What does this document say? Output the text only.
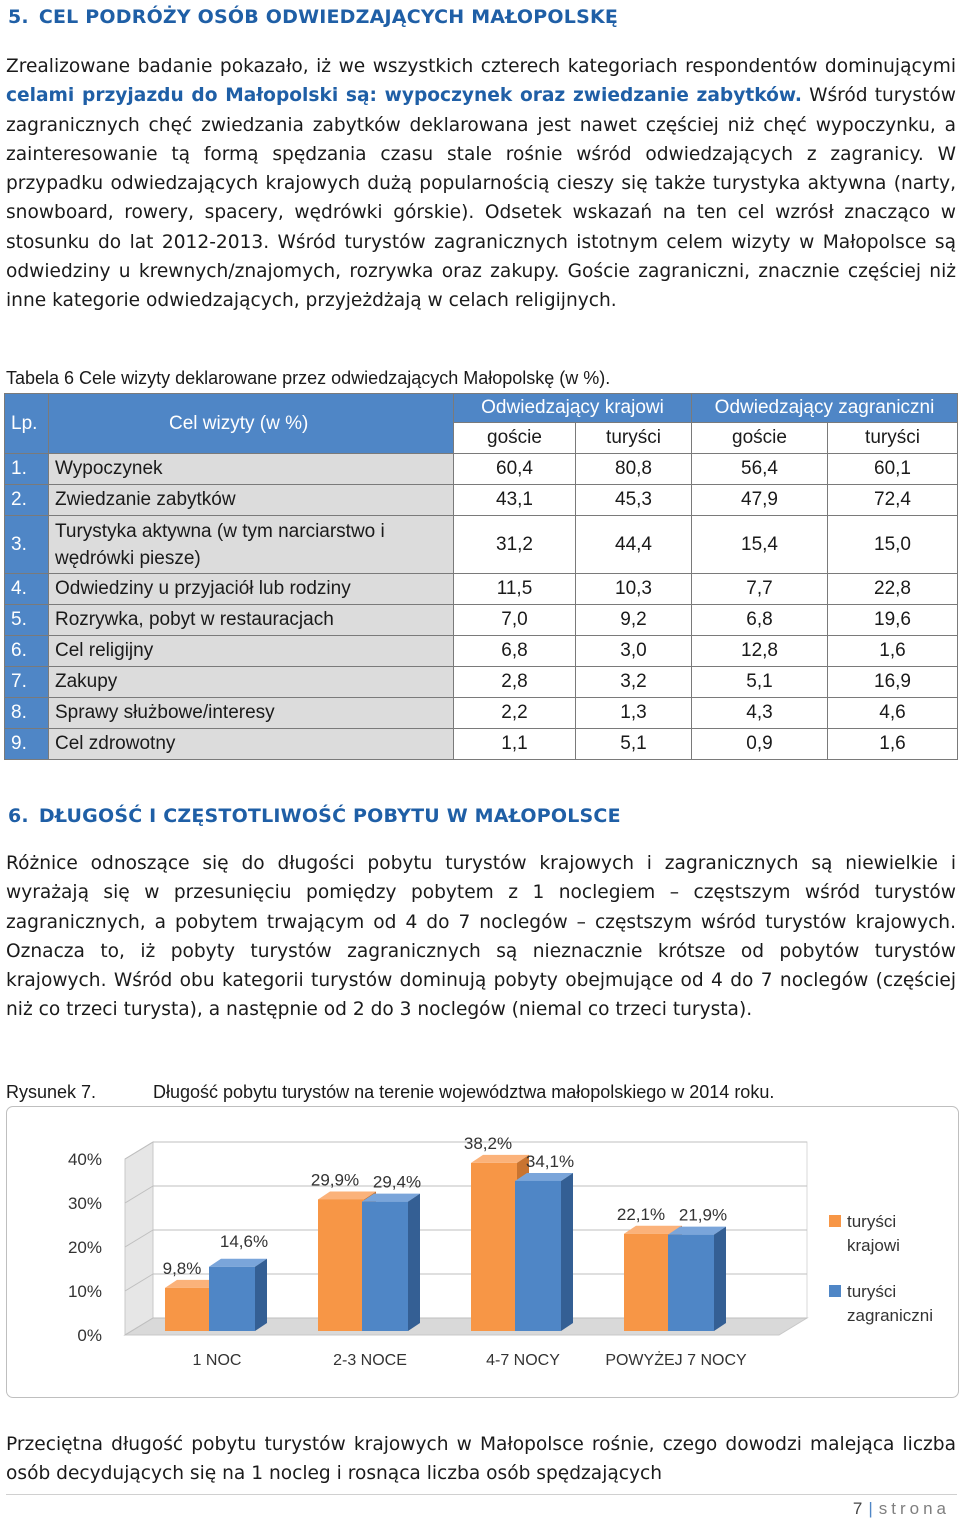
5. CEL PODRÓŻY OSÓB ODWIEDZAJĄCYCH MAŁOPOLSKĘ

Zrealizowane badanie pokazało, iż we wszystkich czterech kategoriach respondentów dominującymi celami przyjazdu do Małopolski są: wypoczynek oraz zwiedzanie zabytków. Wśród turystów zagranicznych chęć zwiedzania zabytków deklarowana jest nawet częściej niż chęć wypoczynku, a zainteresowanie tą formą spędzania czasu stale rośnie wśród odwiedzających z zagranicy. W przypadku odwiedzających krajowych dużą popularnością cieszy się także turystyka aktywna (narty, snowboard, rowery, spacery, wędrówki górskie). Odsetek wskazań na ten cel wzrósł znacząco w stosunku do lat 2012-2013. Wśród turystów zagranicznych istotnym celem wizyty w Małopolsce są odwiedziny u krewnych/znajomych, rozrywka oraz zakupy. Goście zagraniczni, znacznie częściej niż inne kategorie odwiedzających, przyjeżdżają w celach religijnych.

Tabela 6 Cele wizyty deklarowane przez odwiedzających Małopolskę (w %).

Lp.	Cel wizyty (w %)	Odwiedzający krajowi		Odwiedzający zagraniczni	
		goście	turyści	goście	turyści
1.	Wypoczynek	60,4	80,8	56,4	60,1
2.	Zwiedzanie zabytków	43,1	45,3	47,9	72,4
3.	Turystyka aktywna (w tym narciarstwo i wędrówki piesze)	31,2	44,4	15,4	15,0
4.	Odwiedziny u przyjaciół lub rodziny	11,5	10,3	7,7	22,8
5.	Rozrywka, pobyt w restauracjach	7,0	9,2	6,8	19,6
6.	Cel religijny	6,8	3,0	12,8	1,6
7.	Zakupy	2,8	3,2	5,1	16,9
8.	Sprawy służbowe/interesy	2,2	1,3	4,3	4,6
9.	Cel zdrowotny	1,1	5,1	0,9	1,6
6. DŁUGOŚĆ I CZĘSTOTLIWOŚĆ POBYTU W MAŁOPOLSCE

Różnice odnoszące się do długości pobytu turystów krajowych i zagranicznych są niewielkie i wyrażają się w przesunięciu pomiędzy pobytem z 1 noclegiem – częstszym wśród turystów zagranicznych, a pobytem trwającym od 4 do 7 noclegów – częstszym wśród turystów krajowych. Oznacza to, iż pobyty turystów zagranicznych są nieznacznie krótsze od pobytów turystów krajowych. Wśród obu kategorii turystów dominują pobyty obejmujące od 4 do 7 noclegów (częściej niż co trzeci turysta), a następnie od 2 do 3 noclegów (niemal co trzeci turysta).

Rysunek 7.	Długość pobytu turystów na terenie województwa małopolskiego w 2014 roku.

0%
10%
20%
30%
40%
9,8%
14,6%
1 NOC
29,9% 29,4%
2-3 NOCE
38,2%
34,1%
4-7 NOCY
22,1% 21,9%
POWYŻEJ 7 NOCY
turyści
krajowi
turyści
zagraniczni

Przeciętna długość pobytu turystów krajowych w Małopolsce rośnie, czego dowodzi malejąca liczba osób decydujących się na 1 nocleg i rosnąca liczba osób spędzających

7 | strona
